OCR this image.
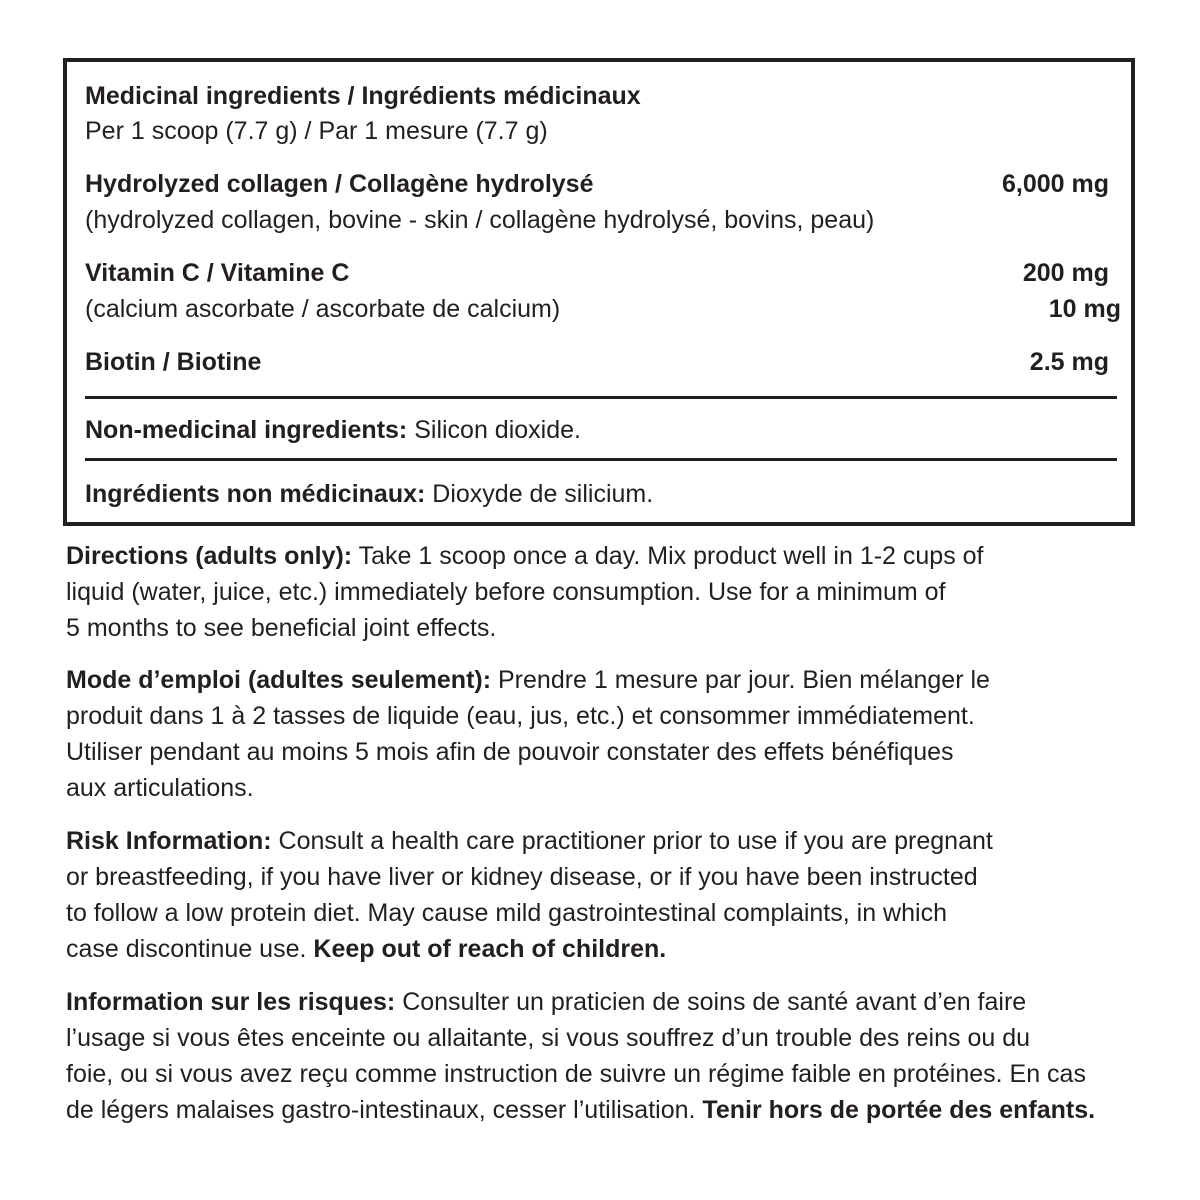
Medicinal ingredients / Ingrédients médicinaux
Per 1 scoop (7.7 g) / Par 1 mesure (7.7 g)
Hydrolyzed collagen / Collagène hydrolysé	6,000 mg
(hydrolyzed collagen, bovine - skin / collagène hydrolysé, bovins, peau)
Vitamin C / Vitamine C	200 mg
(calcium ascorbate / ascorbate de calcium)	10 mg
Biotin / Biotine	2.5 mg
Non-medicinal ingredients: Silicon dioxide.
Ingrédients non médicinaux: Dioxyde de silicium.
Directions (adults only): Take 1 scoop once a day. Mix product well in 1-2 cups of
liquid (water, juice, etc.) immediately before consumption. Use for a minimum of
5 months to see beneficial joint effects.
Mode d’emploi (adultes seulement): Prendre 1 mesure par jour. Bien mélanger le
produit dans 1 à 2 tasses de liquide (eau, jus, etc.) et consommer immédiatement.
Utiliser pendant au moins 5 mois afin de pouvoir constater des effets bénéfiques
aux articulations.
Risk Information: Consult a health care practitioner prior to use if you are pregnant
or breastfeeding, if you have liver or kidney disease, or if you have been instructed
to follow a low protein diet. May cause mild gastrointestinal complaints, in which
case discontinue use. Keep out of reach of children.
Information sur les risques: Consulter un praticien de soins de santé avant d’en faire
l’usage si vous êtes enceinte ou allaitante, si vous souffrez d’un trouble des reins ou du
foie, ou si vous avez reçu comme instruction de suivre un régime faible en protéines. En cas
de légers malaises gastro-intestinaux, cesser l’utilisation. Tenir hors de portée des enfants.
